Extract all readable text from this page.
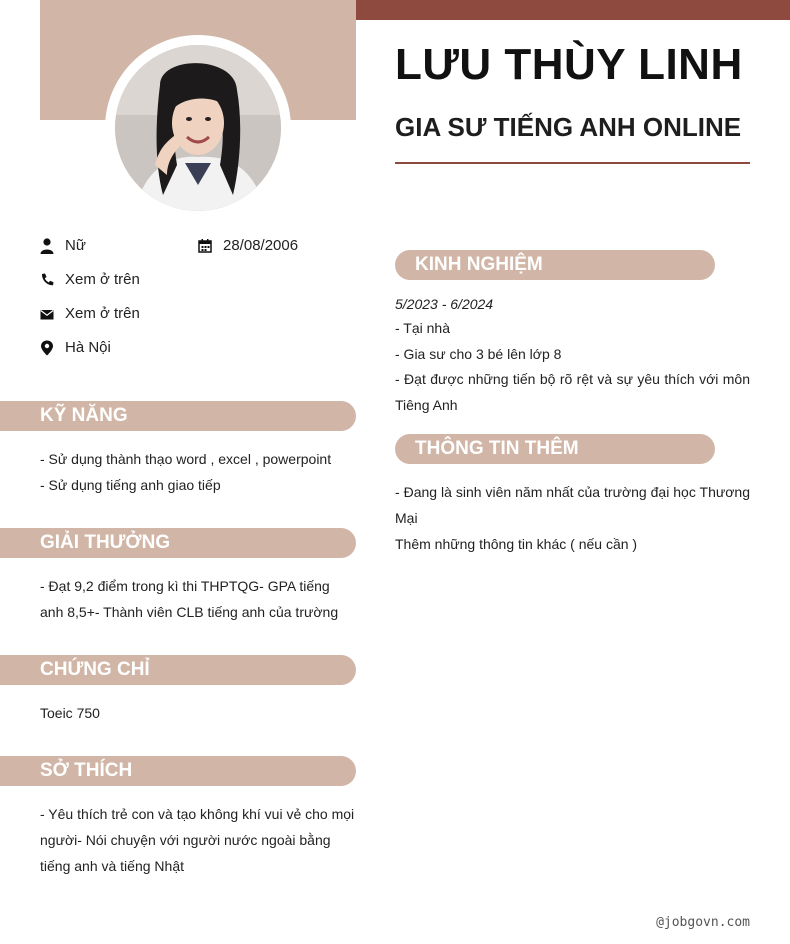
LƯU THÙY LINH
GIA SƯ TIẾNG ANH ONLINE
Nữ	28/08/2006
Xem ở trên
Xem ở trên
Hà Nội
KỸ NĂNG
- Sử dụng thành thạo word , excel , powerpoint
- Sử dụng tiếng anh giao tiếp
GIẢI THƯỞNG
- Đạt 9,2 điểm trong kì thi THPTQG- GPA tiếng anh 8,5+- Thành viên CLB tiếng anh của trường
CHỨNG CHỈ
Toeic 750
SỞ THÍCH
- Yêu thích trẻ con và tạo không khí vui vẻ cho mọi người- Nói chuyện với người nước ngoài bằng tiếng anh và tiếng Nhật
KINH NGHIỆM
5/2023 - 6/2024
- Tại nhà
- Gia sư cho 3 bé lên lớp 8
- Đạt được những tiến bộ rõ rệt và sự yêu thích với môn Tiêng Anh
THÔNG TIN THÊM
- Đang là sinh viên năm nhất của trường đại học Thương Mại
Thêm những thông tin khác ( nếu cần )
@jobgovn.com
